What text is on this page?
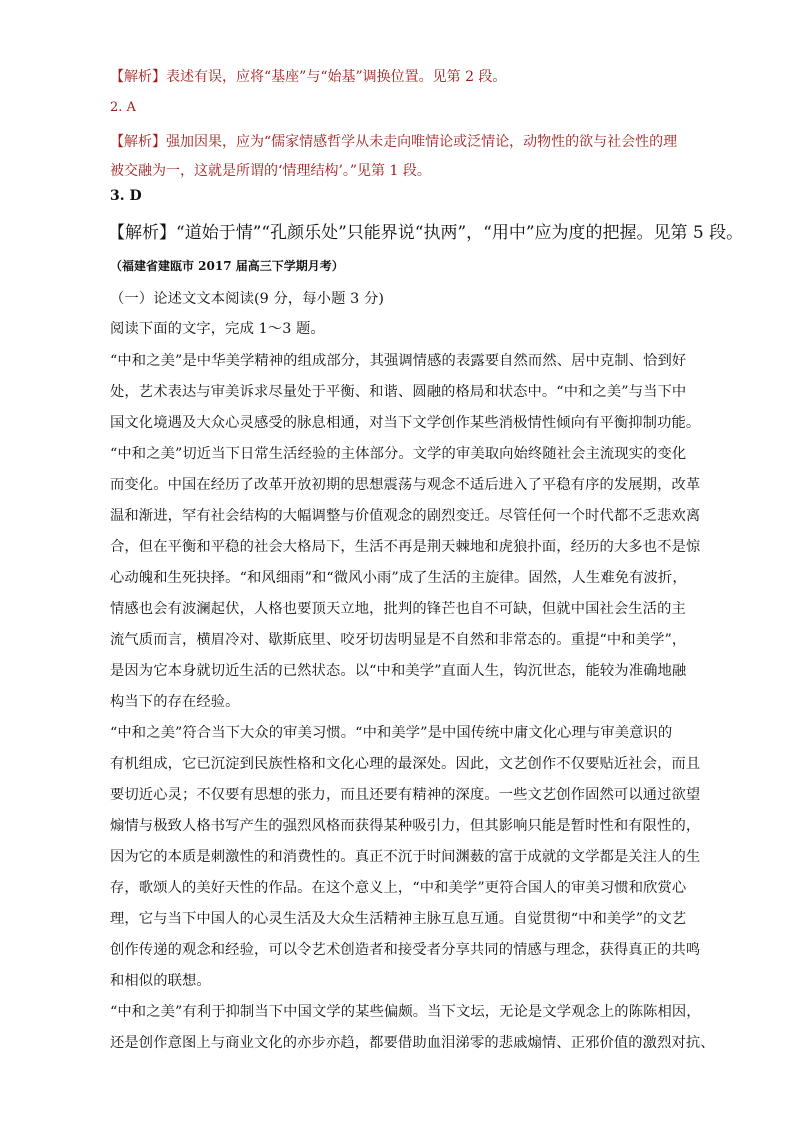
【解析】表述有误，应将“基座”与“始基”调换位置。见第 2 段。
2. A
【解析】强加因果，应为“儒家情感哲学从未走向唯情论或泛情论，动物性的欲与社会性的理
被交融为一，这就是所谓的‘情理结构’。”见第 1 段。
3. D
【解析】“道始于情”“孔颜乐处”只能界说“执两”，“用中”应为度的把握。见第 5 段。
（福建省建瓯市 2017 届高三下学期月考）
（一）论述文文本阅读(9 分，每小题 3 分)
阅读下面的文字，完成 1～3 题。
“中和之美”是中华美学精神的组成部分，其强调情感的表露要自然而然、居中克制、恰到好
处，艺术表达与审美诉求尽量处于平衡、和谐、圆融的格局和状态中。“中和之美”与当下中
国文化境遇及大众心灵感受的脉息相通，对当下文学创作某些消极情性倾向有平衡抑制功能。
“中和之美”切近当下日常生活经验的主体部分。文学的审美取向始终随社会主流现实的变化
而变化。中国在经历了改革开放初期的思想震荡与观念不适后进入了平稳有序的发展期，改革
温和渐进，罕有社会结构的大幅调整与价值观念的剧烈变迁。尽管任何一个时代都不乏悲欢离
合，但在平衡和平稳的社会大格局下，生活不再是荆天棘地和虎狼扑面，经历的大多也不是惊
心动魄和生死抉择。“和风细雨”和“微风小雨”成了生活的主旋律。固然，人生难免有波折，
情感也会有波澜起伏，人格也要顶天立地，批判的锋芒也自不可缺，但就中国社会生活的主
流气质而言，横眉冷对、歇斯底里、咬牙切齿明显是不自然和非常态的。重提“中和美学”，
是因为它本身就切近生活的已然状态。以“中和美学”直面人生，钩沉世态，能较为准确地融
构当下的存在经验。
“中和之美”符合当下大众的审美习惯。“中和美学”是中国传统中庸文化心理与审美意识的
有机组成，它已沉淀到民族性格和文化心理的最深处。因此，文艺创作不仅要贴近社会，而且
要切近心灵；不仅要有思想的张力，而且还要有精神的深度。一些文艺创作固然可以通过欲望
煽情与极致人格书写产生的强烈风格而获得某种吸引力，但其影响只能是暂时性和有限性的，
因为它的本质是刺激性的和消费性的。真正不沉于时间渊薮的富于成就的文学都是关注人的生
存，歌颂人的美好天性的作品。在这个意义上，“中和美学”更符合国人的审美习惯和欣赏心
理，它与当下中国人的心灵生活及大众生活精神主脉互息互通。自觉贯彻“中和美学”的文艺
创作传递的观念和经验，可以令艺术创造者和接受者分享共同的情感与理念，获得真正的共鸣
和相似的联想。
“中和之美”有利于抑制当下中国文学的某些偏颇。当下文坛，无论是文学观念上的陈陈相因，
还是创作意图上与商业文化的亦步亦趋，都要借助血泪涕零的悲戚煽情、正邪价值的激烈对抗、
